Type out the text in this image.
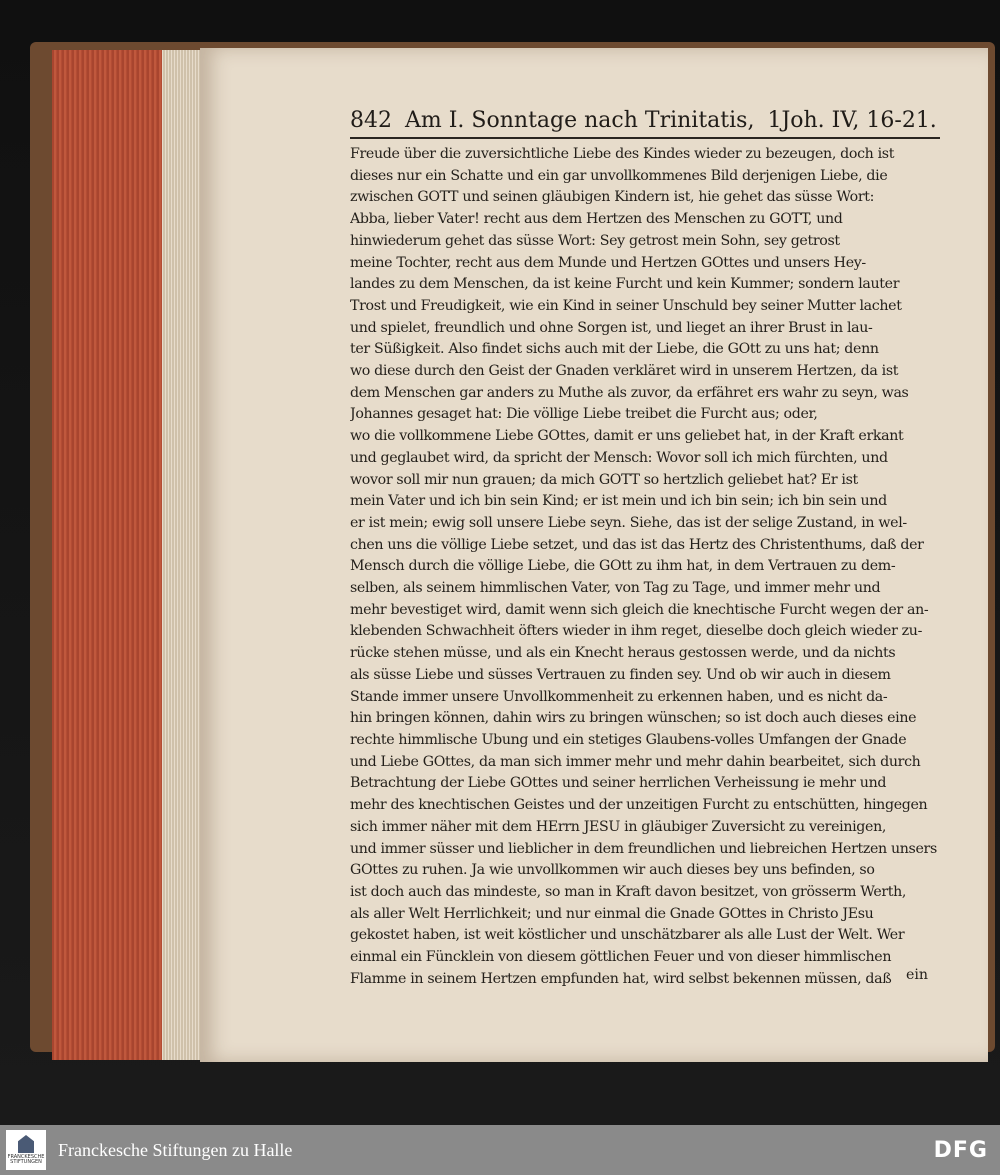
842 Am I. Sonntage nach Trinitatis, 1Joh. IV, 16-21.
Freude über die zuversichtliche Liebe des Kindes wieder zu bezeugen, doch ist
dieses nur ein Schatte und ein gar unvollkommenes Bild derjenigen Liebe, die
zwischen GOTT und seinen gläubigen Kindern ist, hie gehet das süsse Wort:
Abba, lieber Vater! recht aus dem Hertzen des Menschen zu GOTT, und
hinwiederum gehet das süsse Wort: Sey getrost mein Sohn, sey getrost
meine Tochter, recht aus dem Munde und Hertzen GOttes und unsers Hey-
landes zu dem Menschen, da ist keine Furcht und kein Kummer; sondern lauter
Trost und Freudigkeit, wie ein Kind in seiner Unschuld bey seiner Mutter lachet
und spielet, freundlich und ohne Sorgen ist, und lieget an ihrer Brust in lau-
ter Süßigkeit. Also findet sichs auch mit der Liebe, die GOtt zu uns hat; denn
wo diese durch den Geist der Gnaden verkläret wird in unserem Hertzen, da ist
dem Menschen gar anders zu Muthe als zuvor, da erfähret ers wahr zu seyn, was
Johannes gesaget hat: Die völlige Liebe treibet die Furcht aus; oder,
wo die vollkommene Liebe GOttes, damit er uns geliebet hat, in der Kraft erkant
und geglaubet wird, da spricht der Mensch: Wovor soll ich mich fürchten, und
wovor soll mir nun grauen; da mich GOTT so hertzlich geliebet hat? Er ist
mein Vater und ich bin sein Kind; er ist mein und ich bin sein; ich bin sein und
er ist mein; ewig soll unsere Liebe seyn. Siehe, das ist der selige Zustand, in wel-
chen uns die völlige Liebe setzet, und das ist das Hertz des Christenthums, daß der
Mensch durch die völlige Liebe, die GOtt zu ihm hat, in dem Vertrauen zu dem-
selben, als seinem himmlischen Vater, von Tag zu Tage, und immer mehr und
mehr bevestiget wird, damit wenn sich gleich die knechtische Furcht wegen der an-
klebenden Schwachheit öfters wieder in ihm reget, dieselbe doch gleich wieder zu-
rücke stehen müsse, und als ein Knecht heraus gestossen werde, und da nichts
als süsse Liebe und süsses Vertrauen zu finden sey. Und ob wir auch in diesem
Stande immer unsere Unvollkommenheit zu erkennen haben, und es nicht da-
hin bringen können, dahin wirs zu bringen wünschen; so ist doch auch dieses eine
rechte himmlische Ubung und ein stetiges Glaubens-volles Umfangen der Gnade
und Liebe GOttes, da man sich immer mehr und mehr dahin bearbeitet, sich durch
Betrachtung der Liebe GOttes und seiner herrlichen Verheissung ie mehr und
mehr des knechtischen Geistes und der unzeitigen Furcht zu entschütten, hingegen
sich immer näher mit dem HErrn JESU in gläubiger Zuversicht zu vereinigen,
und immer süsser und lieblicher in dem freundlichen und liebreichen Hertzen unsers
GOttes zu ruhen. Ja wie unvollkommen wir auch dieses bey uns befinden, so
ist doch auch das mindeste, so man in Kraft davon besitzet, von grösserm Werth,
als aller Welt Herrlichkeit; und nur einmal die Gnade GOttes in Christo JEsu
gekostet haben, ist weit köstlicher und unschätzbarer als alle Lust der Welt. Wer
einmal ein Füncklein von diesem göttlichen Feuer und von dieser himmlischen
Flamme in seinem Hertzen empfunden hat, wird selbst bekennen müssen, daß	ein
FRANCKESCHE STIFTUNGEN
Franckesche Stiftungen zu Halle	DFG
